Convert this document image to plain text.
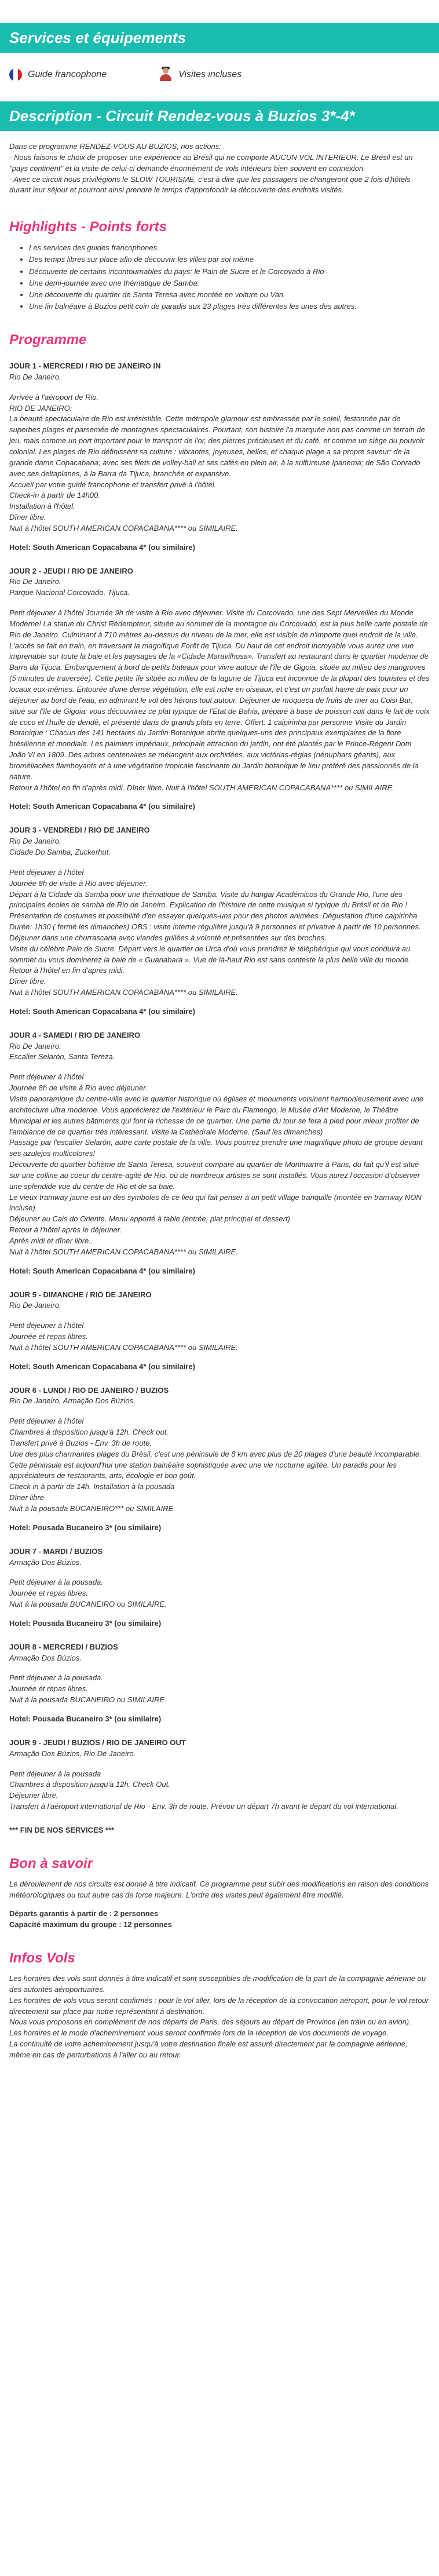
Services et équipements
Guide francophone	Visites incluses
Description - Circuit Rendez-vous à Buzios 3*-4*

Dans ce programme RENDEZ-VOUS AU BUZIOS, nos actions:

- Nous faisons le choix de proposer une expérience au Brésil qui ne comporte AUCUN VOL INTERIEUR. Le Brésil est un "pays continent" et la visite de celui-ci demande énormément de vols intérieurs bien souvent en connexion.

- Avec ce circuit nous privilégions le SLOW TOURISME, c'est à dire que les passagers ne changeront que 2 fois d'hôtels durant leur séjour et pourront ainsi prendre le temps d'approfondir la découverte des endroits visités.

Highlights - Points forts
• Les services des guides francophones.
• Des temps libres sur place afin de découvrir les villes par soi même
• Découverte de certains incontournables du pays: le Pain de Sucre et le Corcovado à Rio
• Une demi-journée avec une thématique de Samba.
• Une découverte du quartier de Santa Teresa avec montée en voiture ou Van.
• Une fin balnéaire à Buzios petit coin de paradis aux 23 plages très différentes les unes des autres.
Programme

JOUR 1 - MERCREDI / RIO DE JANEIRO IN

Rio De Janeiro.

Arrivée à l'aéroport de Rio.

RIO DE JANEIRO:

La beauté spectaculaire de Rio est irrésistible. Cette métropole glamour est embrassée par le soleil, festonnée par de superbes plages et parsemée de montagnes spectaculaires. Pourtant, son histoire l'a marquée non pas comme un terrain de jeu, mais comme un port important pour le transport de l'or, des pierres précieuses et du café, et comme un siège du pouvoir colonial. Les plages de Rio définissent sa culture : vibrantes, joyeuses, belles, et chaque plage a sa propre saveur: de la grande dame Copacabana; avec ses filets de volley-ball et ses cafés en plein air, à la sulfureuse Ipanema; de São Conrado avec ses deltaplanes, à la Barra da Tijuca, branchée et expansive.

Accueil par votre guide francophone et transfert privé à l'hôtel.

Check-in à partir de 14h00.

Installation à l'hôtel.

Dîner libre.

Nuit à l'hôtel SOUTH AMERICAN COPACABANA**** ou SIMILAIRE.

Hotel: South American Copacabana 4* (ou similaire)

JOUR 2 - JEUDI / RIO DE JANEIRO

Rio De Janeiro.

Parque Nacional Corcovado, Tijuca.

Petit déjeuner à l'hôtel Journée 9h de visite à Rio avec déjeuner. Visite du Corcovado, une des Sept Merveilles du Monde Moderne! La statue du Christ Rédempteur, située au sommet de la montagne du Corcovado, est la plus belle carte postale de Rio de Janeiro. Culminant à 710 mètres au-dessus du niveau de la mer, elle est visible de n'importe quel endroit de la ville. L'accès se fait en train, en traversant la magnifique Forêt de Tijuca. Du haut de cet endroit incroyable vous aurez une vue imprenable sur toute la baie et les paysages de la «Cidade Maravilhosa». Transfert au restaurant dans le quartier moderne de Barra da Tijuca. Embarquement à bord de petits bateaux pour vivre autour de l'île de Gigoia, située au milieu des mangroves (5 minutes de traversée). Cette petite île située au milieu de la lagune de Tijuca est inconnue de la plupart des touristes et des locaux eux-mêmes. Entourée d'une dense végétation, elle est riche en oiseaux, et c'est un parfait havre de paix pour un déjeuner au bord de l'eau, en admirant le vol des hérons tout autour. Déjeuner de moqueca de fruits de mer au Coisi Bar, situé sur l'île de Gigoia: vous découvrirez ce plat typique de l'Etat de Bahia, préparé à base de poisson cuit dans le lait de noix de coco et l'huile de dendê, et présenté dans de grands plats en terre. Offert: 1 caipirinha par personne Visite du Jardin Botanique : Chacun des 141 hectares du Jardin Botanique abrite quelques-uns des principaux exemplaires de la flore brésilienne et mondiale. Les palmiers impériaux, principale attraction du jardin, ont été plantés par le Prince-Régent Dom João VI en 1809. Des arbres centenaires se mélangent aux orchidées, aux victórias-régias (nénuphars géants), aux broméliacées flamboyants et à une végétation tropicale fascinante du Jardin botanique le lieu préféré des passionnés de la nature.

Retour à l'hôtel en fin d'après midi. Dîner libre. Nuit à l'hôtel SOUTH AMERICAN COPACABANA**** ou SIMILAIRE.

Hotel: South American Copacabana 4* (ou similaire)

JOUR 3 - VENDREDI / RIO DE JANEIRO

Rio De Janeiro.

Cidade Do Samba, Zuckerhut.

Petit déjeuner à l'hôtel

Journée 8h de visite à Rio avec déjeuner.

Départ à la Cidade da Samba pour une thématique de Samba. Visite du hangar Académicos du Grande Rio, l'une des principales écoles de samba de Rio de Janeiro. Explication de l'histoire de cette musique si typique du Brésil et de Rio ! Présentation de costumes et possibilité d'en essayer quelques-uns pour des photos animées. Dégustation d'une caipirinha Durée: 1h30 ( fermé les dimanches) OBS : visite interne régulière jusqu'à 9 personnes et privative à partir de 10 personnes.

Déjeuner dans une churrascaria avec viandes grillées à volonté et présentées sur des broches.

Visite du célèbre Pain de Sucre. Départ vers le quartier de Urca d'où vous prendrez le téléphérique qui vous conduira au sommet ou vous dominerez la baie de « Guanabara ». Vue de là-haut Rio est sans conteste la plus belle ville du monde.

Retour à l'hôtel en fin d'après midi.

Dîner libre.

Nuit à l'hôtel SOUTH AMERICAN COPACABANA**** ou SIMILAIRE.

Hotel: South American Copacabana 4* (ou similaire)

JOUR 4 - SAMEDI / RIO DE JANEIRO

Rio De Janeiro.

Escalier Selarón, Santa Tereza.

Petit déjeuner à l'hôtel

Journée 8h de visite à Rio avec déjeuner.

Visite panoramique du centre-ville avec le quartier historique où églises et monuments voisinent harmonieusement avec une architecture ultra moderne. Vous apprécierez de l'extérieur le Parc du Flamengo, le Musée d'Art Moderne, le Théâtre Municipal et les autres bâtiments qui font la richesse de ce quartier. Une partie du tour se fera à pied pour mieux profiter de l'ambiance de ce quartier très intéressant. Visite la Cathédrale Moderne. (Sauf les dimanches)

Passage par l'escalier Selarón, autre carte postale de la ville. Vous pourrez prendre une magnifique photo de groupe devant ses azulejos multicolores!

Découverte du quartier bohème de Santa Teresa, souvent comparé au quartier de Montmartre à Paris, du fait qu'il est situé sur une colline au coeur du centre-agité de Rio, où de nombreux artistes se sont installés. Vous aurez l'occasion d'observer une splendide vue du centre de Rio et de sa baie.

Le vieux tramway jaune est un des symboles de ce lieu qui fait penser à un petit village tranquille (montée en tramway NON incluse)

Déjeuner au Cais do Oriente. Menu apporté à table (entrée, plat principal et dessert)

Retour à l'hôtel après le déjeuner.

Après midi et dîner libre..

Nuit à l'hôtel SOUTH AMERICAN COPACABANA**** ou SIMILAIRE.

Hotel: South American Copacabana 4* (ou similaire)

JOUR 5 - DIMANCHE / RIO DE JANEIRO

Rio De Janeiro.

Petit déjeuner à l'hôtel

Journée et repas libres.

Nuit à l'hôtel SOUTH AMERICAN COPACABANA**** ou SIMILAIRE.

Hotel: South American Copacabana 4* (ou similaire)

JOUR 6 - LUNDI / RIO DE JANEIRO / BUZIOS

Rio De Janeiro, Armação Dos Búzios.

Petit déjeuner à l'hôtel

Chambres à disposition jusqu'à 12h. Check out.

Transfert privé à Buzios - Env. 3h de route.

Une des plus charmantes plages du Brésil, c'est une péninsule de 8 km avec plus de 20 plages d'une beauté incomparable. Cette péninsule est aujourd'hui une station balnéaire sophistiquée avec une vie nocturne agitée. Un paradis pour les appréciateurs de restaurants, arts, écologie et bon goût.

Check in à partir de 14h. Installation à la pousada

Dîner libre

Nuit à la pousada BUCANEIRO*** ou SIMILAIRE.

Hotel: Pousada Bucaneiro 3* (ou similaire)

JOUR 7 - MARDI / BUZIOS

Armação Dos Búzios.

Petit déjeuner à la pousada.

Journée et repas libres.

Nuit à la pousada BUCANEIRO ou SIMILAIRE.

Hotel: Pousada Bucaneiro 3* (ou similaire)

JOUR 8 - MERCREDI / BUZIOS

Armação Dos Búzios.

Petit déjeuner à la pousada.

Journée et repas libres.

Nuit à la pousada BUCANEIRO ou SIMILAIRE.

Hotel: Pousada Bucaneiro 3* (ou similaire)

JOUR 9 - JEUDI / BUZIOS / RIO DE JANEIRO OUT

Armação Dos Búzios, Rio De Janeiro.

Petit déjeuner à la pousada

Chambres à disposition jusqu'à 12h. Check Out.

Déjeuner libre.

Transfert à l'aéroport international de Rio - Env. 3h de route. Prévoir un départ 7h avant le départ du vol international.

*** FIN DE NOS SERVICES ***

Bon à savoir

Le déroulement de nos circuits est donné à titre indicatif. Ce programme peut subir des modifications en raison des conditions météorologiques ou tout autre cas de force majeure. L'ordre des visites peut également être modifié.

Départs garantis à partir de : 2 personnes

Capacité maximum du groupe : 12 personnes

Infos Vols

Les horaires des vols sont donnés à titre indicatif et sont susceptibles de modification de la part de la compagnie aérienne ou des autorités aéroportuaires.

Les horaires de vols vous seront confirmés : pour le vol aller, lors de la réception de la convocation aéroport, pour le vol retour directement sur place par notre représentant à destination.

Nous vous proposons en complément de nos départs de Paris, des séjours au départ de Province (en train ou en avion).

Les horaires et le mode d'acheminement vous seront confirmés lors de la réception de vos documents de voyage.

La continuité de votre acheminement jusqu'à votre destination finale est assuré directement par la compagnie aérienne, même en cas de perturbations à l'aller ou au retour.
